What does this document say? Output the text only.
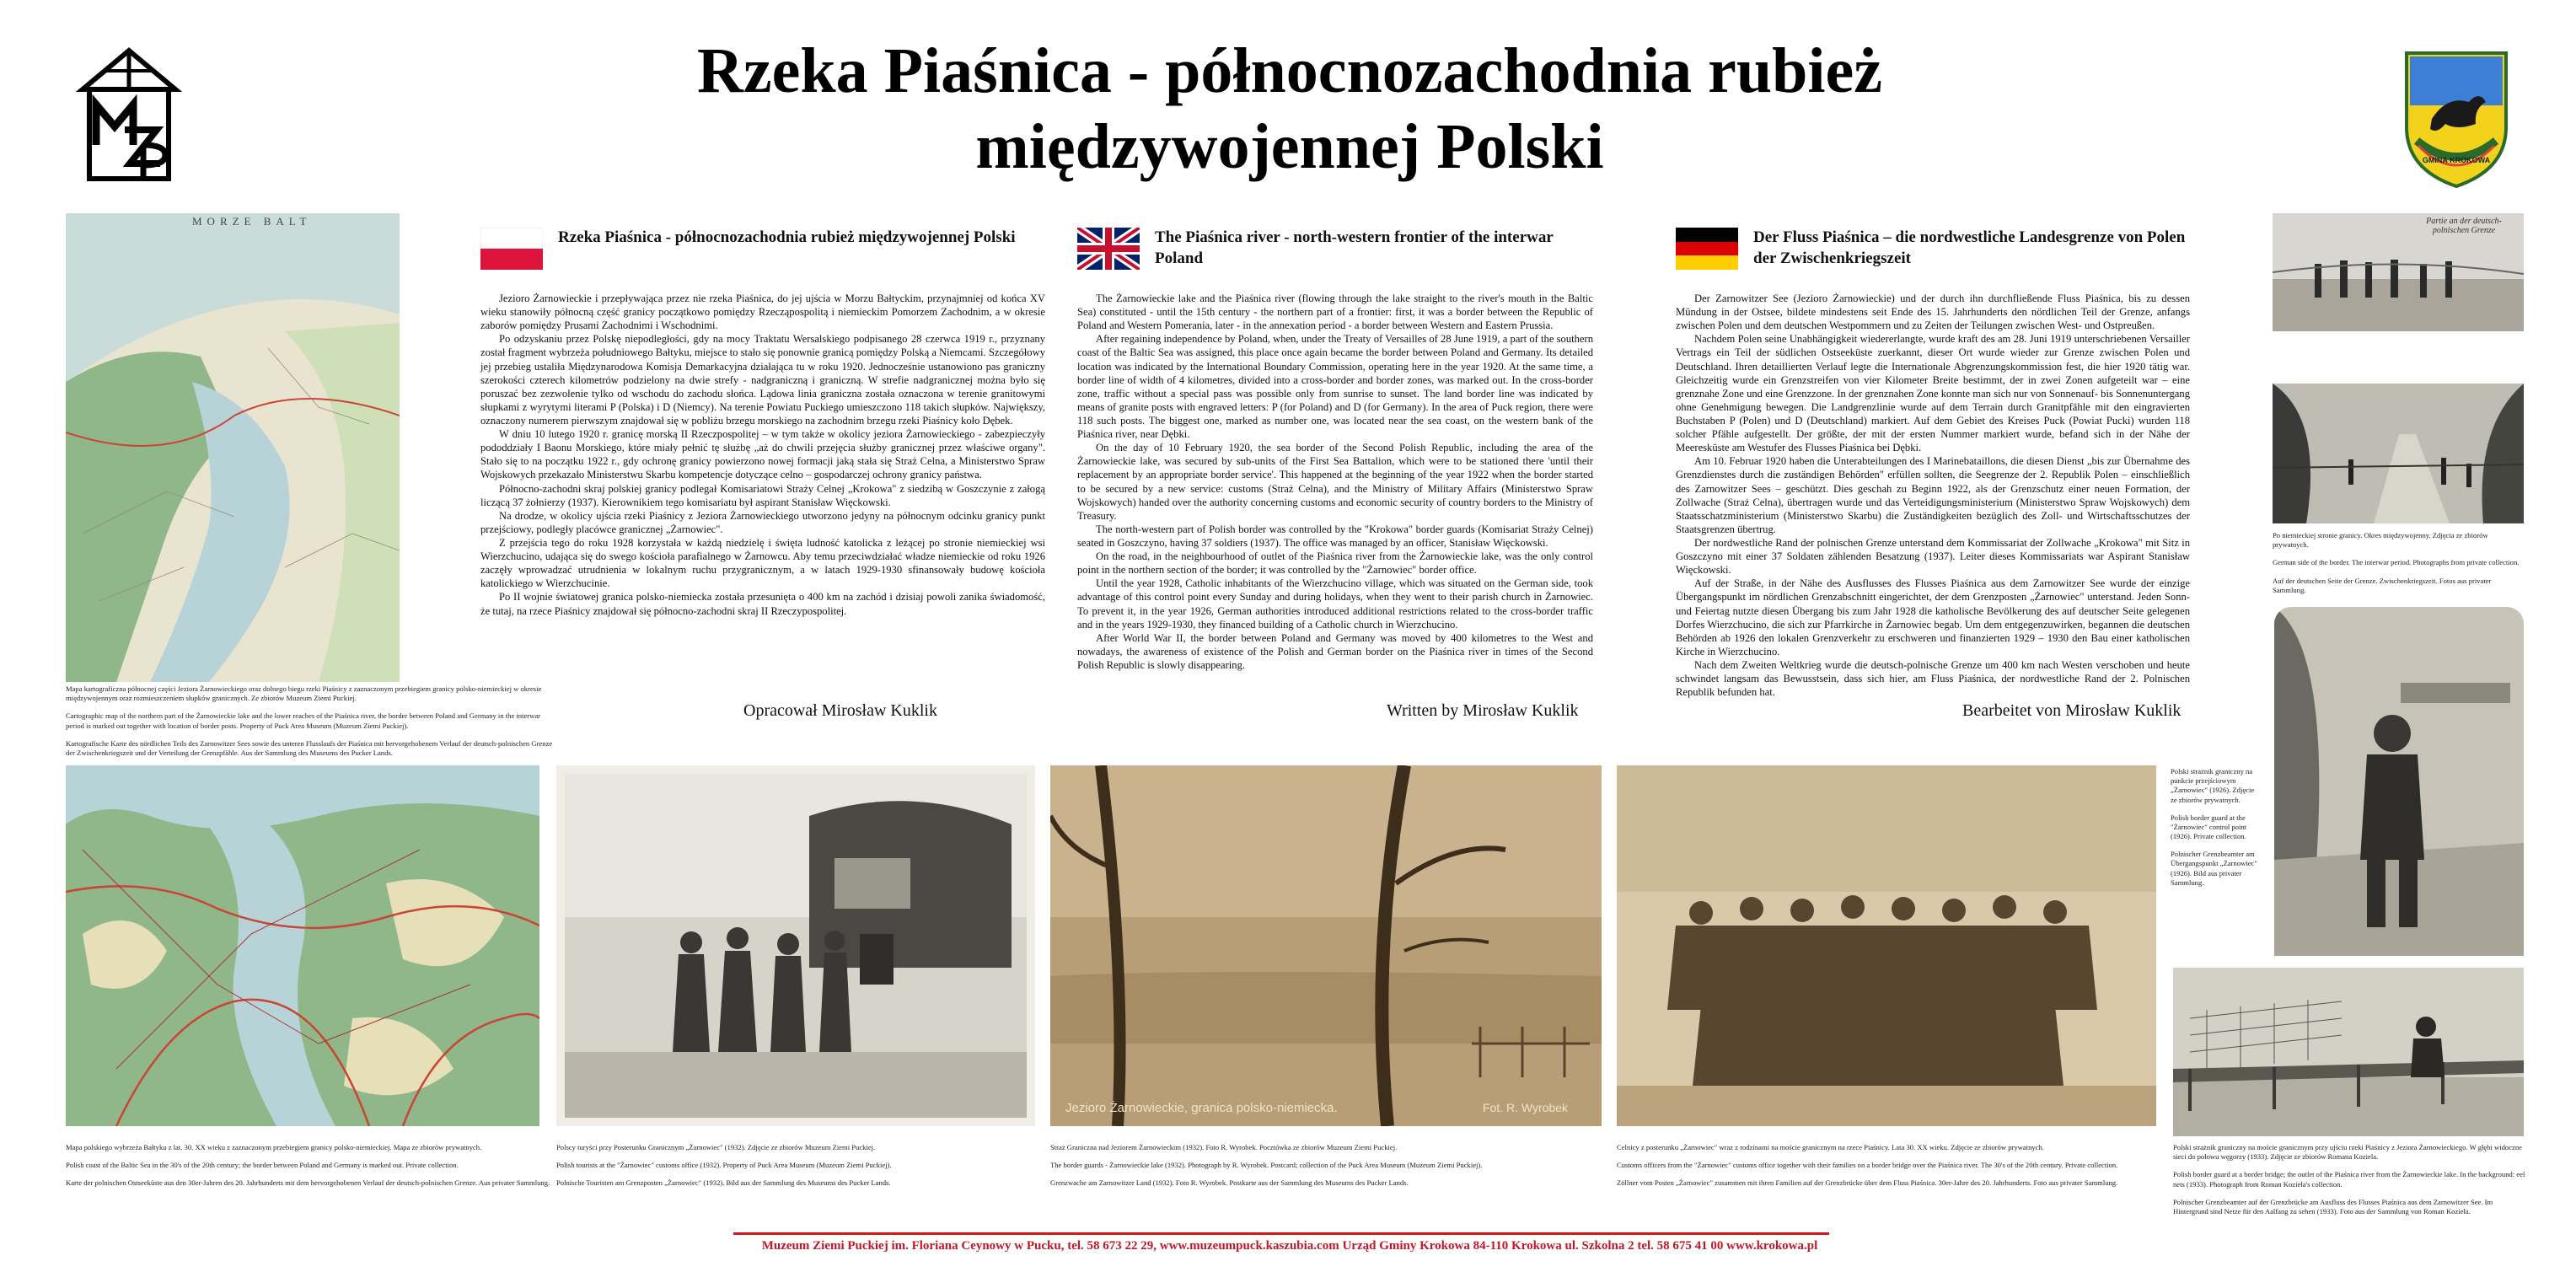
Rzeka Piaśnica - północnozachodnia rubież
międzywojennej Polski	GMINA KROKOWA
MORZE BALT

Mapa kartograficzna północnej części Jeziora Żarnowieckiego oraz dolnego biegu rzeki Piaśnicy z zaznaczonym przebiegiem granicy polsko-niemieckiej w okresie międzywojennym oraz rozmieszczeniem słupków granicznych. Ze zbiorów Muzeum Ziemi Puckiej.

Cartographic map of the northern part of the Żarnowieckie lake and the lower reaches of the Piaśnica river, the border between Poland and Germany in the interwar period is marked out together with location of border posts. Property of Puck Area Museum (Muzeum Ziemi Puckiej).

Kartografische Karte des nördlichen Teils des Zarnowitzer Sees sowie des unteren Flusslaufs der Piaśnica mit hervorgehobenem Verlauf der deutsch-polnischen Grenze der Zwischenkriegszeit und der Verteilung der Grenzpfähle. Aus der Sammlung des Museums des Pucker Lands.

Rzeka Piaśnica - północnozachodnia rubież międzywojennej Polski

Jezioro Żarnowieckie i przepływająca przez nie rzeka Piaśnica, do jej ujścia w Morzu Bałtyckim, przynajmniej od końca XV wieku stanowiły północną część granicy początkowo pomiędzy Rzecząpospolitą i niemieckim Pomorzem Zachodnim, a w okresie zaborów pomiędzy Prusami Zachodnimi i Wschodnimi.

Po odzyskaniu przez Polskę niepodległości, gdy na mocy Traktatu Wersalskiego podpisanego 28 czerwca 1919 r., przyznany został fragment wybrzeża południowego Bałtyku, miejsce to stało się ponownie granicą pomiędzy Polską a Niemcami. Szczegółowy jej przebieg ustaliła Międzynarodowa Komisja Demarkacyjna działająca tu w roku 1920. Jednocześnie ustanowiono pas graniczny szerokości czterech kilometrów podzielony na dwie strefy - nadgraniczną i graniczną. W strefie nadgranicznej można było się poruszać bez zezwolenie tylko od wschodu do zachodu słońca. Lądowa linia graniczna została oznaczona w terenie granitowymi słupkami z wyrytymi literami P (Polska) i D (Niemcy). Na terenie Powiatu Puckiego umieszczono 118 takich słupków. Największy, oznaczony numerem pierwszym znajdował się w pobliżu brzegu morskiego na zachodnim brzegu rzeki Piaśnicy koło Dębek.

W dniu 10 lutego 1920 r. granicę morską II Rzeczpospolitej – w tym także w okolicy jeziora Żarnowieckiego - zabezpieczyły pododdziały I Baonu Morskiego, które miały pełnić tę służbę „aż do chwili przejęcia służby granicznej przez właściwe organy". Stało się to na początku 1922 r., gdy ochronę granicy powierzono nowej formacji jaką stała się Straż Celna, a Ministerstwo Spraw Wojskowych przekazało Ministerstwu Skarbu kompetencje dotyczące celno – gospodarczej ochrony granicy państwa.

Północno-zachodni skraj polskiej granicy podlegał Komisariatowi Straży Celnej „Krokowa" z siedzibą w Goszczynie z załogą liczącą 37 żołnierzy (1937). Kierownikiem tego komisariatu był aspirant Stanisław Więckowski.

Na drodze, w okolicy ujścia rzeki Piaśnicy z Jeziora Żarnowieckiego utworzono jedyny na północnym odcinku granicy punkt przejściowy, podległy placówce granicznej „Żarnowiec".

Z przejścia tego do roku 1928 korzystała w każdą niedzielę i święta ludność katolicka z leżącej po stronie niemieckiej wsi Wierzchucino, udająca się do swego kościoła parafialnego w Żarnowcu. Aby temu przeciwdziałać władze niemieckie od roku 1926 zaczęły wprowadzać utrudnienia w lokalnym ruchu przygranicznym, a w latach 1929-1930 sfinansowały budowę kościoła katolickiego w Wierzchucinie.

Po II wojnie światowej granica polsko-niemiecka została przesunięta o 400 km na zachód i dzisiaj powoli zanika świadomość, że tutaj, na rzece Piaśnicy znajdował się północno-zachodni skraj II Rzeczypospolitej.

Opracował Mirosław Kuklik
The Piaśnica river - north-western frontier of the interwar Poland

The Żarnowieckie lake and the Piaśnica river (flowing through the lake straight to the river's mouth in the Baltic Sea) constituted - until the 15th century - the northern part of a frontier: first, it was a border between the Republic of Poland and Western Pomerania, later - in the annexation period - a border between Western and Eastern Prussia.

After regaining independence by Poland, when, under the Treaty of Versailles of 28 June 1919, a part of the southern coast of the Baltic Sea was assigned, this place once again became the border between Poland and Germany. Its detailed location was indicated by the International Boundary Commission, operating here in the year 1920. At the same time, a border line of width of 4 kilometres, divided into a cross-border and border zones, was marked out. In the cross-border zone, traffic without a special pass was possible only from sunrise to sunset. The land border line was indicated by means of granite posts with engraved letters: P (for Poland) and D (for Germany). In the area of Puck region, there were 118 such posts. The biggest one, marked as number one, was located near the sea coast, on the western bank of the Piaśnica river, near Dębki.

On the day of 10 February 1920, the sea border of the Second Polish Republic, including the area of the Żarnowieckie lake, was secured by sub-units of the First Sea Battalion, which were to be stationed there 'until their replacement by an appropriate border service'. This happened at the beginning of the year 1922 when the border started to be secured by a new service: customs (Straż Celna), and the Ministry of Military Affairs (Ministerstwo Spraw Wojskowych) handed over the authority concerning customs and economic security of country borders to the Ministry of Treasury.

The north-western part of Polish border was controlled by the "Krokowa" border guards (Komisariat Straży Celnej) seated in Goszczyno, having 37 soldiers (1937). The office was managed by an officer, Stanisław Więckowski.

On the road, in the neighbourhood of outlet of the Piaśnica river from the Żarnowieckie lake, was the only control point in the northern section of the border; it was controlled by the "Żarnowiec" border office.

Until the year 1928, Catholic inhabitants of the Wierzchucino village, which was situated on the German side, took advantage of this control point every Sunday and during holidays, when they went to their parish church in Żarnowiec. To prevent it, in the year 1926, German authorities introduced additional restrictions related to the cross-border traffic and in the years 1929-1930, they financed building of a Catholic church in Wierzchucino.

After World War II, the border between Poland and Germany was moved by 400 kilometres to the West and nowadays, the awareness of existence of the Polish and German border on the Piaśnica river in times of the Second Polish Republic is slowly disappearing.

Written by Mirosław Kuklik
Der Fluss Piaśnica – die nordwestliche Landesgrenze von Polen der Zwischenkriegszeit

Der Zarnowitzer See (Jezioro Żarnowieckie) und der durch ihn durchfließende Fluss Piaśnica, bis zu dessen Mündung in der Ostsee, bildete mindestens seit Ende des 15. Jahrhunderts den nördlichen Teil der Grenze, anfangs zwischen Polen und dem deutschen Westpommern und zu Zeiten der Teilungen zwischen West- und Ostpreußen.

Nachdem Polen seine Unabhängigkeit wiedererlangte, wurde kraft des am 28. Juni 1919 unterschriebenen Versailler Vertrags ein Teil der südlichen Ostseeküste zuerkannt, dieser Ort wurde wieder zur Grenze zwischen Polen und Deutschland. Ihren detaillierten Verlauf legte die Internationale Abgrenzungskommission fest, die hier 1920 tätig war. Gleichzeitig wurde ein Grenzstreifen von vier Kilometer Breite bestimmt, der in zwei Zonen aufgeteilt war – eine grenznahe Zone und eine Grenzzone. In der grenznahen Zone konnte man sich nur von Sonnenauf- bis Sonnenuntergang ohne Genehmigung bewegen. Die Landgrenzlinie wurde auf dem Terrain durch Granitpfähle mit den eingravierten Buchstaben P (Polen) und D (Deutschland) markiert. Auf dem Gebiet des Kreises Puck (Powiat Pucki) wurden 118 solcher Pfähle aufgestellt. Der größte, der mit der ersten Nummer markiert wurde, befand sich in der Nähe der Meeresküste am Westufer des Flusses Piaśnica bei Dębki.

Am 10. Februar 1920 haben die Unterabteilungen des I Marinebataillons, die diesen Dienst „bis zur Übernahme des Grenzdienstes durch die zuständigen Behörden" erfüllen sollten, die Seegrenze der 2. Republik Polen – einschließlich des Zarnowitzer Sees – geschützt. Dies geschah zu Beginn 1922, als der Grenzschutz einer neuen Formation, der Zollwache (Straż Celna), übertragen wurde und das Verteidigungsministerium (Ministerstwo Spraw Wojskowych) dem Staatsschatzministerium (Ministerstwo Skarbu) die Zuständigkeiten bezüglich des Zoll- und Wirtschaftsschutzes der Staatsgrenzen übertrug.

Der nordwestliche Rand der polnischen Grenze unterstand dem Kommissariat der Zollwache „Krokowa" mit Sitz in Goszczyno mit einer 37 Soldaten zählenden Besatzung (1937). Leiter dieses Kommissariats war Aspirant Stanisław Więckowski.

Auf der Straße, in der Nähe des Ausflusses des Flusses Piaśnica aus dem Zarnowitzer See wurde der einzige Übergangspunkt im nördlichen Grenzabschnitt eingerichtet, der dem Grenzposten „Żarnowiec" unterstand. Jeden Sonn- und Feiertag nutzte diesen Übergang bis zum Jahr 1928 die katholische Bevölkerung des auf deutscher Seite gelegenen Dorfes Wierzchucino, die sich zur Pfarrkirche in Żarnowiec begab. Um dem entgegenzuwirken, begannen die deutschen Behörden ab 1926 den lokalen Grenzverkehr zu erschweren und finanzierten 1929 – 1930 den Bau einer katholischen Kirche in Wierzchucino.

Nach dem Zweiten Weltkrieg wurde die deutsch-polnische Grenze um 400 km nach Westen verschoben und heute schwindet langsam das Bewusstsein, dass sich hier, am Fluss Piaśnica, der nordwestliche Rand der 2. Polnischen Republik befunden hat.

Bearbeitet von Mirosław Kuklik
Partie an der deutsch-polnischen Grenze

Po niemieckiej stronie granicy. Okres międzywojenny. Zdjęcia ze zbiorów prywatnych.

German side of the border. The interwar period. Photographs from private collection.

Auf der deutschen Seite der Grenze. Zwischenkriegszeit. Fotos aus privater Sammlung.

Polski strażnik graniczny na punkcie przejściowym „Żarnowiec" (1926). Zdjęcie ze zbiorów prywatnych.

Polish border guard at the "Żarnowiec" control point (1926). Private collection.

Polnischer Grenzbeamter am Übergangspunkt „Żarnowiec" (1926). Bild aus privater Sammlung.

Polski strażnik graniczny na moście granicznym przy ujściu rzeki Piaśnicy z Jeziora Żarnowieckiego. W głębi widoczne sieci do połowu węgorzy (1933). Zdjęcie ze zbiorów Romana Koziela.

Polish border guard at a border bridge; the outlet of the Piaśnica river from the Żarnowieckie lake. In the background: eel nets (1933). Photograph from Roman Kozieła's collection.

Polnischer Grenzbeamter auf der Grenzbrücke am Ausfluss des Flusses Piaśnica aus dem Zarnowitzer See. Im Hintergrund sind Netze für den Aalfang zu sehen (1933). Foto aus der Sammlung von Roman Kozieła.

Mapa polskiego wybrzeża Bałtyku z lat. 30. XX wieku z zaznaczonym przebiegiem granicy polsko-niemieckiej. Mapa ze zbiorów prywatnych.

Polish coast of the Baltic Sea in the 30's of the 20th century; the border between Poland and Germany is marked out. Private collection.

Karte der polnischen Ostseeküste aus den 30er-Jahren des 20. Jahrhunderts mit dem hervorgehobenen Verlauf der deutsch-polnischen Grenze. Aus privater Sammlung.

Polscy turyści przy Posterunku Granicznym „Żarnowiec" (1932). Zdjęcie ze zbiorów Muzeum Ziemi Puckiej.

Polish tourists at the "Żarnowiec" customs office (1932). Property of Puck Area Museum (Muzeum Ziemi Puckiej).

Polnische Touristen am Grenzposten „Żarnowiec" (1932). Bild aus der Sammlung des Museums des Pucker Lands.

Jezioro Żarnowieckie, granica polsko-niemiecka.	Fot. R. Wyrobek

Straż Graniczna nad Jeziorem Żarnowieckim (1932). Foto R. Wyrobek. Pocztówka ze zbiorów Muzeum Ziemi Puckiej.

The border guards - Żarnowieckie lake (1932). Photograph by R. Wyrobek. Postcard; collection of the Puck Area Museum (Muzeum Ziemi Puckiej).

Grenzwache am Zarnowitzer Land (1932). Foto R. Wyrobek. Postkarte aus der Sammlung des Museums des Pucker Lands.

Celnicy z posterunku „Żarnowiec" wraz z rodzinami na moście granicznym na rzece Piaśnicy. Lata 30. XX wieku. Zdjęcie ze zbiorów prywatnych.

Customs officers from the "Żarnowiec" customs office together with their families on a border bridge over the Piaśnica river. The 30's of the 20th century. Private collection.

Zöllner vom Posten „Żarnowiec" zusammen mit ihren Familien auf der Grenzbrücke über dem Fluss Piaśnica. 30er-Jahre des 20. Jahrhunderts. Foto aus privater Sammlung.

Muzeum Ziemi Puckiej im. Floriana Ceynowy w Pucku, tel. 58 673 22 29, www.muzeumpuck.kaszubia.com Urząd Gminy Krokowa 84-110 Krokowa ul. Szkolna 2 tel. 58 675 41 00 www.krokowa.pl
